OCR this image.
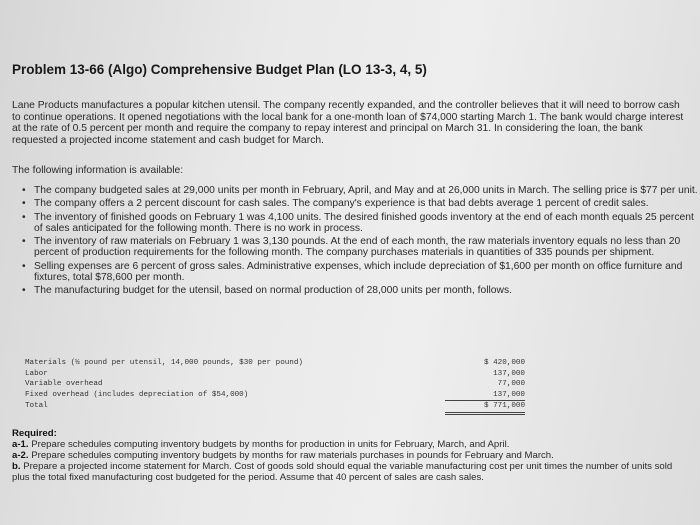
Problem 13-66 (Algo) Comprehensive Budget Plan (LO 13-3, 4, 5)

Lane Products manufactures a popular kitchen utensil. The company recently expanded, and the controller believes that it will need to borrow cash to continue operations. It opened negotiations with the local bank for a one-month loan of $74,000 starting March 1. The bank would charge interest at the rate of 0.5 percent per month and require the company to repay interest and principal on March 31. In considering the loan, the bank requested a projected income statement and cash budget for March.

The following information is available:

• The company budgeted sales at 29,000 units per month in February, April, and May and at 26,000 units in March. The selling price is $77 per unit.
• The company offers a 2 percent discount for cash sales. The company's experience is that bad debts average 1 percent of credit sales.
• The inventory of finished goods on February 1 was 4,100 units. The desired finished goods inventory at the end of each month equals 25 percent of sales anticipated for the following month. There is no work in process.
• The inventory of raw materials on February 1 was 3,130 pounds. At the end of each month, the raw materials inventory equals no less than 20 percent of production requirements for the following month. The company purchases materials in quantities of 335 pounds per shipment.
• Selling expenses are 6 percent of gross sales. Administrative expenses, which include depreciation of $1,600 per month on office furniture and fixtures, total $78,600 per month.
• The manufacturing budget for the utensil, based on normal production of 28,000 units per month, follows.
Materials (½ pound per utensil, 14,000 pounds, $30 per pound)	$ 420,000
Labor	137,000
Variable overhead	77,000
Fixed overhead (includes depreciation of $54,000)	137,000
Total	$ 771,000
Required:
a-1. Prepare schedules computing inventory budgets by months for production in units for February, March, and April.
a-2. Prepare schedules computing inventory budgets by months for raw materials purchases in pounds for February and March.
b. Prepare a projected income statement for March. Cost of goods sold should equal the variable manufacturing cost per unit times the number of units sold plus the total fixed manufacturing cost budgeted for the period. Assume that 40 percent of sales are cash sales.
